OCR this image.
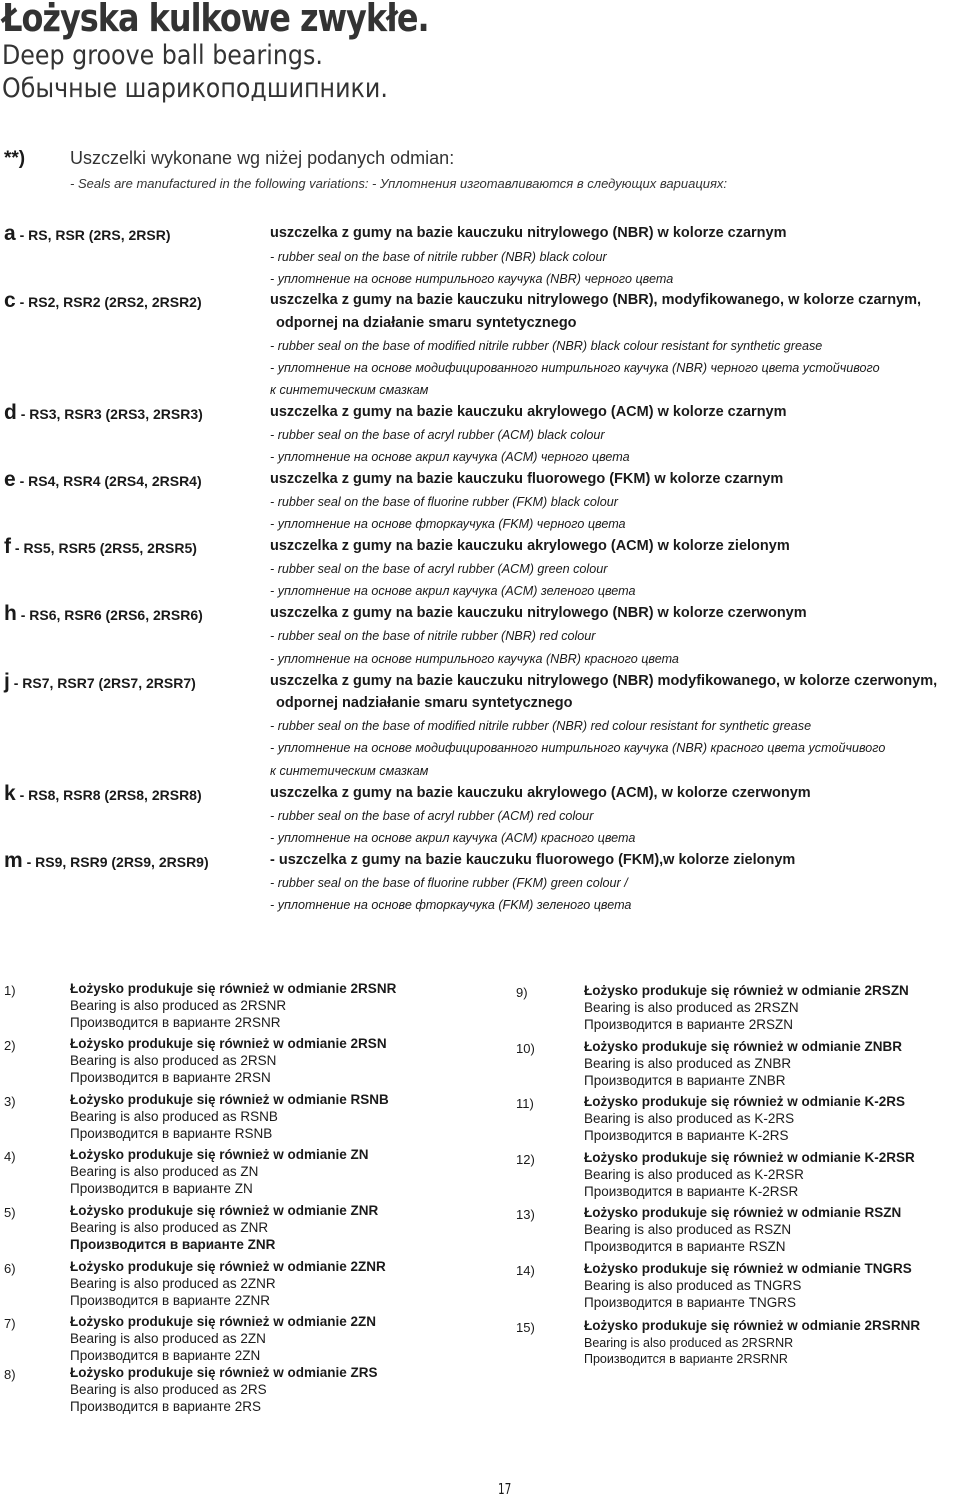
Łożyska kulkowe zwykłe.
Deep groove ball bearings.
Обычные шарикоподшипники.
**) Uszczelki wykonane wg niżej podanych odmian:
- Seals are manufactured in the following variations: - Уплотнения изготавливаются в следующих вариациях:
a - RS, RSR (2RS, 2RSR)	uszczelka z gumy na bazie kauczuku nitrylowego (NBR) w kolorze czarnym
- rubber seal on the base of nitrile rubber (NBR) black colour
- уплотнение на основе нитрильного каучука (NBR) черного цвета
c - RS2, RSR2 (2RS2, 2RSR2)	uszczelka z gumy na bazie kauczuku nitrylowego (NBR), modyfikowanego, w kolorze czarnym,
odpornej na działanie smaru syntetycznego
- rubber seal on the base of modified nitrile rubber (NBR) black colour resistant for synthetic grease
- уплотнение на основе модифицированного нитрильного каучука (NBR) черного цвета устойчивого
к синтетическим смазкам
d - RS3, RSR3 (2RS3, 2RSR3)	uszczelka z gumy na bazie kauczuku akrylowego (ACM) w kolorze czarnym
- rubber seal on the base of acryl rubber (ACM) black colour
- уплотнение на основе акрил каучука (ACM) черного цвета
e - RS4, RSR4 (2RS4, 2RSR4)	uszczelka z gumy na bazie kauczuku fluorowego (FKM) w kolorze czarnym
- rubber seal on the base of fluorine rubber (FKM) black colour
- уплотнение на основе фторкаучука (FKM) черного цвета
f - RS5, RSR5 (2RS5, 2RSR5)	uszczelka z gumy na bazie kauczuku akrylowego (ACM) w kolorze zielonym
- rubber seal on the base of acryl rubber (ACM) green colour
- уплотнение на основе акрил каучука (ACM) зеленого цвета
h - RS6, RSR6 (2RS6, 2RSR6)	uszczelka z gumy na bazie kauczuku nitrylowego (NBR) w kolorze czerwonym
- rubber seal on the base of nitrile rubber (NBR) red colour
- уплотнение на основе нитрильного каучука (NBR) красного цвета
j - RS7, RSR7 (2RS7, 2RSR7)	uszczelka z gumy na bazie kauczuku nitrylowego (NBR) modyfikowanego, w kolorze czerwonym,
odpornej nadziałanie smaru syntetycznego
- rubber seal on the base of modified nitrile rubber (NBR) red colour resistant for synthetic grease
- уплотнение на основе модифицированного нитрильного каучука (NBR) красного цвета устойчивого
к синтетическим смазкам
k - RS8, RSR8 (2RS8, 2RSR8)	uszczelka z gumy na bazie kauczuku akrylowego (ACM), w kolorze czerwonym
- rubber seal on the base of acryl rubber (ACM) red colour
- уплотнение на основе акрил каучука (ACM) красного цвета
m - RS9, RSR9 (2RS9, 2RSR9)	- uszczelka z gumy na bazie kauczuku fluorowego (FKM),w kolorze zielonym
- rubber seal on the base of fluorine rubber (FKM) green colour /
- уплотнение на основе фторкаучука (FKM) зеленого цвета
1)	Łożysko produkuje się również w odmianie 2RSNR
Bearing is also produced as 2RSNR
Производится в варианте 2RSNR
2)	Łożysko produkuje się również w odmianie 2RSN
Bearing is also produced as 2RSN
Производится в варианте 2RSN
3)	Łożysko produkuje się również w odmianie RSNB
Bearing is also produced as RSNB
Производится в варианте RSNB
4)	Łożysko produkuje się również w odmianie ZN
Bearing is also produced as ZN
Производится в варианте ZN
5)	Łożysko produkuje się również w odmianie ZNR
Bearing is also produced as ZNR
Производится в варианте ZNR
6)	Łożysko produkuje się również w odmianie 2ZNR
Bearing is also produced as 2ZNR
Производится в варианте 2ZNR
7)	Łożysko produkuje się również w odmianie 2ZN
Bearing is also produced as 2ZN
Производится в варианте 2ZN
8)	Łożysko produkuje się również w odmianie ZRS
Bearing is also produced as 2RS
Производится в варианте 2RS
9)	Łożysko produkuje się również w odmianie 2RSZN
Bearing is also produced as 2RSZN
Производится в варианте 2RSZN
10)	Łożysko produkuje się również w odmianie ZNBR
Bearing is also produced as ZNBR
Производится в варианте ZNBR
11)	Łożysko produkuje się również w odmianie K-2RS
Bearing is also produced as K-2RS
Производится в варианте K-2RS
12)	Łożysko produkuje się również w odmianie K-2RSR
Bearing is also produced as K-2RSR
Производится в варианте K-2RSR
13)	Łożysko produkuje się również w odmianie RSZN
Bearing is also produced as RSZN
Производится в варианте RSZN
14)	Łożysko produkuje się również w odmianie TNGRS
Bearing is also produced as TNGRS
Производится в варианте TNGRS
15)	Łożysko produkuje się również w odmianie 2RSRNR
Bearing is also produced as 2RSRNR
Производится в варианте 2RSRNR
17
